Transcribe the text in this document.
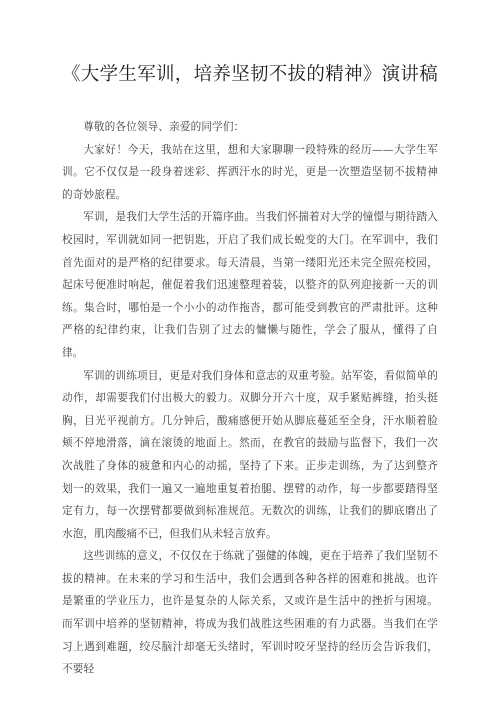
《大学生军训，培养坚韧不拔的精神》演讲稿

尊敬的各位领导、亲爱的同学们：

大家好！今天，我站在这里，想和大家聊聊一段特殊的经历——大学生军训。它不仅仅是一段身着迷彩、挥洒汗水的时光，更是一次塑造坚韧不拔精神的奇妙旅程。

军训，是我们大学生活的开篇序曲。当我们怀揣着对大学的憧憬与期待踏入校园时，军训就如同一把钥匙，开启了我们成长蜕变的大门。在军训中，我们首先面对的是严格的纪律要求。每天清晨，当第一缕阳光还未完全照亮校园，起床号便准时响起，催促着我们迅速整理着装，以整齐的队列迎接新一天的训练。集合时，哪怕是一个小小的动作拖沓，都可能受到教官的严肃批评。这种严格的纪律约束，让我们告别了过去的慵懒与随性，学会了服从，懂得了自律。

军训的训练项目，更是对我们身体和意志的双重考验。站军姿，看似简单的动作，却需要我们付出极大的毅力。双脚分开六十度，双手紧贴裤缝，抬头挺胸，目光平视前方。几分钟后，酸痛感便开始从脚底蔓延至全身，汗水顺着脸颊不停地滑落，滴在滚烫的地面上。然而，在教官的鼓励与监督下，我们一次次战胜了身体的疲惫和内心的动摇，坚持了下来。正步走训练，为了达到整齐划一的效果，我们一遍又一遍地重复着抬腿、摆臂的动作，每一步都要踏得坚定有力，每一次摆臂都要做到标准规范。无数次的训练，让我们的脚底磨出了水泡，肌肉酸痛不已，但我们从未轻言放弃。

这些训练的意义，不仅仅在于练就了强健的体魄，更在于培养了我们坚韧不拔的精神。在未来的学习和生活中，我们会遇到各种各样的困难和挑战。也许是繁重的学业压力，也许是复杂的人际关系，又或许是生活中的挫折与困境。而军训中培养的坚韧精神，将成为我们战胜这些困难的有力武器。当我们在学习上遇到难题，绞尽脑汁却毫无头绪时，军训时咬牙坚持的经历会告诉我们，不要轻
